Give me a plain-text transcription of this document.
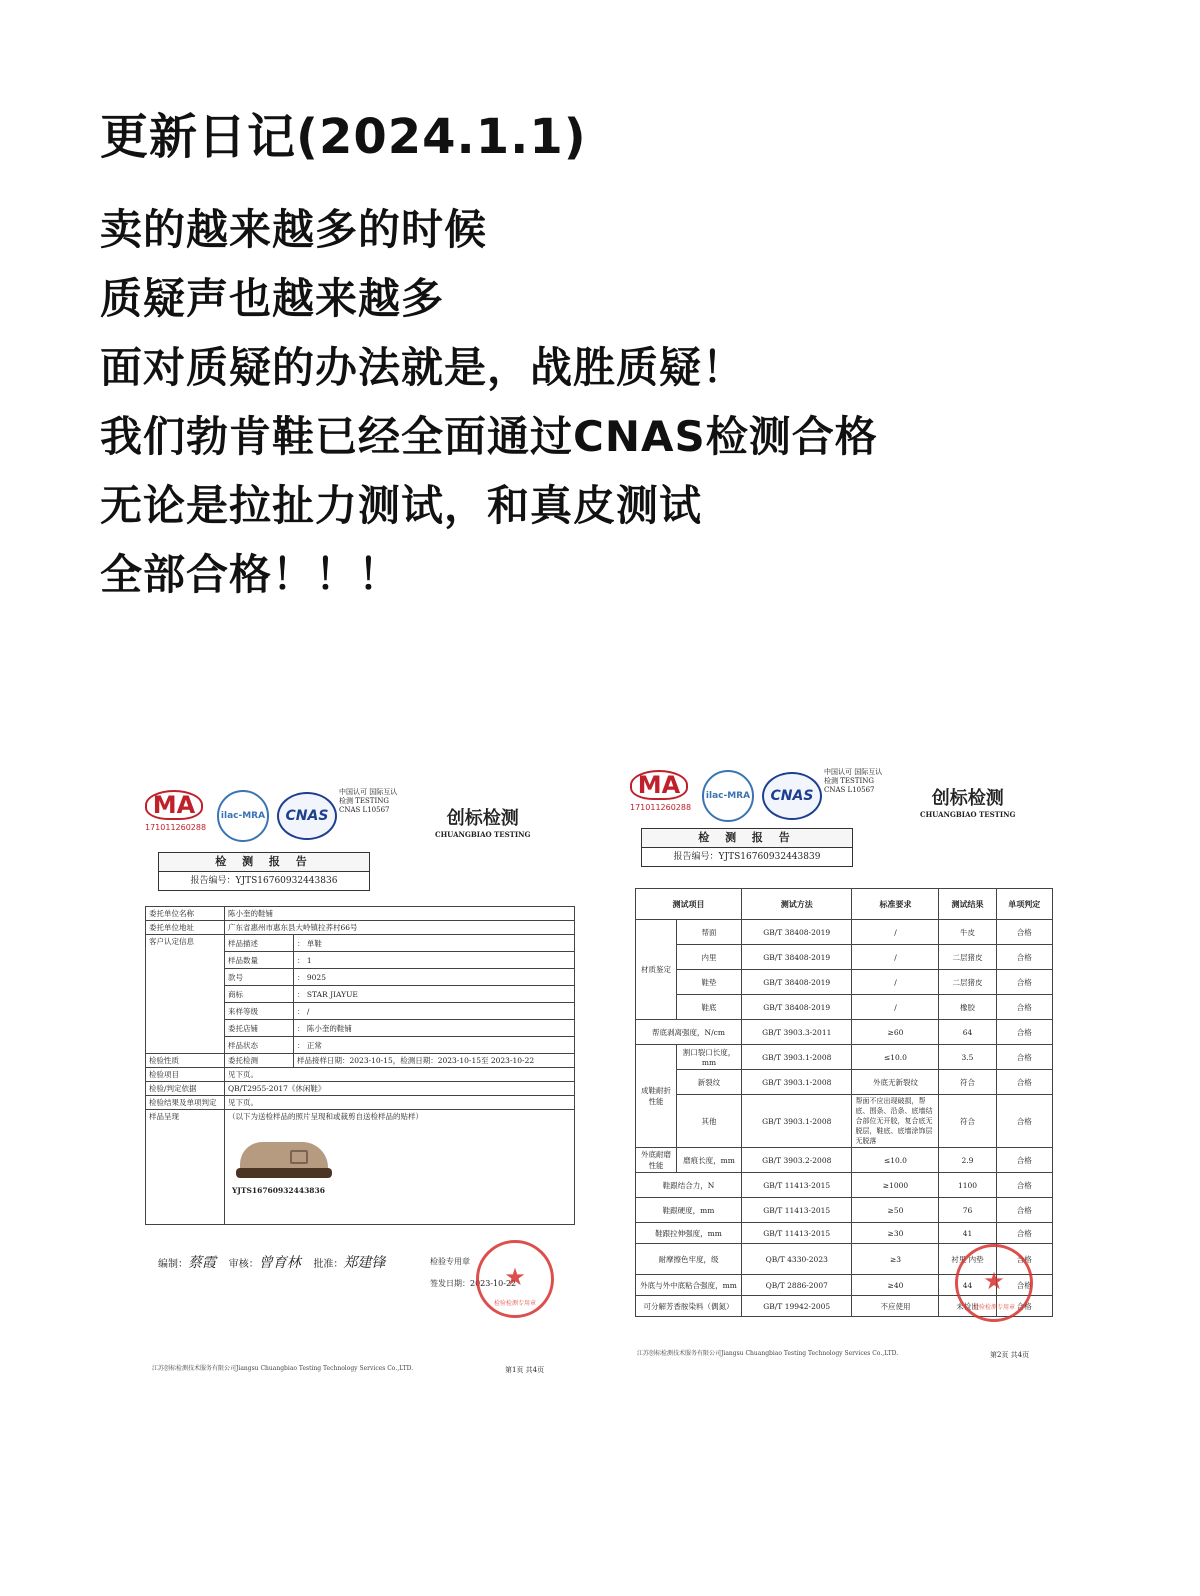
更新日记(2024.1.1)
卖的越来越多的时候
质疑声也越来越多
面对质疑的办法就是，战胜质疑！
我们勃肯鞋已经全面通过CNAS检测合格
无论是拉扯力测试，和真皮测试
全部合格！！！
MA
171011260288
ilac-MRA	CNAS
中国认可 国际互认 检测 TESTING CNAS L10567	创标检测
CHUANGBIAO TESTING
检 测 报 告
报告编号：YJTS16760932443836
委托单位名称	陈小奎的鞋铺	
委托单位地址	广东省惠州市惠东县大岭镇拉荞村66号	
客户认定信息	样品描述	： 单鞋
	样品数量	： 1
	款号	： 9025
	商标	： STAR JIAYUE
	来样等级	： /
	委托店铺	： 陈小奎的鞋铺
	样品状态	： 正常
检验性质	委托检测	样品接样日期：2023-10-15，检测日期：2023-10-15至 2023-10-22
检验项目	见下页。	
检验/判定依据	QB/T2955-2017《休闲鞋》	
检验结果及单项判定	见下页。	
样品呈现	（以下为送检样品的照片呈现和或裁剪自送检样品的贴样）
YJTS16760932443836	
编制：蔡霞 审核：曾育林 批准：郑建锋	检验专用章
签发日期：2023-10-22
★
检验检测专用章
江苏创标检测技术服务有限公司Jiangsu Chuangbiao Testing Technology Services Co.,LTD.	第1页 共4页
MA
171011260288
ilac-MRA	CNAS
中国认可 国际互认 检测 TESTING CNAS L10567	创标检测
CHUANGBIAO TESTING
检 测 报 告
报告编号：YJTS16760932443839
测试项目		测试方法	标准要求	测试结果	单项判定
材质鉴定	帮面	GB/T 38408-2019	/	牛皮	合格
	内里	GB/T 38408-2019	/	二层猪皮	合格
	鞋垫	GB/T 38408-2019	/	二层猪皮	合格
	鞋底	GB/T 38408-2019	/	橡胶	合格
帮底剥离强度，N/cm		GB/T 3903.3-2011	≥60	64	合格
成鞋耐折性能	割口裂口长度，mm	GB/T 3903.1-2008	≤10.0	3.5	合格
	新裂纹	GB/T 3903.1-2008	外底无新裂纹	符合	合格
	其他	GB/T 3903.1-2008	帮面不应出现破损，帮底、围条、沿条、底墙结合部位无开胶，复合底无脱层，鞋底、底墙涂饰层无脱落	符合	合格
外底耐磨性能	磨痕长度，mm	GB/T 3903.2-2008	≤10.0	2.9	合格
鞋跟结合力，N		GB/T 11413-2015	≥1000	1100	合格
鞋跟硬度，mm		GB/T 11413-2015	≥50	76	合格
鞋跟拉伸强度，mm		GB/T 11413-2015	≥30	41	合格
耐摩擦色牢度，级		QB/T 4330-2023	≥3	衬里 内垫	合格
外底与外中底粘合强度，mm		QB/T 2886-2007	≥40	44	合格
可分解芳香胺染料（偶氮）		GB/T 19942-2005	不应使用	未检出	合格
★
检验检测专用章
江苏创标检测技术服务有限公司Jiangsu Chuangbiao Testing Technology Services Co.,LTD.	第2页 共4页
